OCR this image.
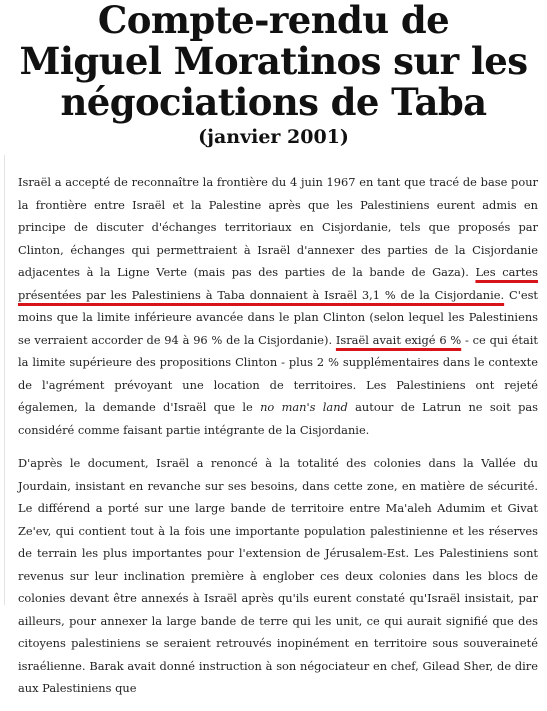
Compte-rendu de
Miguel Moratinos sur les
négociations de Taba
(janvier 2001)

Israël a accepté de reconnaître la frontière du 4 juin 1967 en tant que tracé de base pour la frontière entre Israël et la Palestine après que les Palestiniens eurent admis en principe de discuter d'échanges territoriaux en Cisjordanie, tels que proposés par Clinton, échanges qui permettraient à Israël d'annexer des parties de la Cisjordanie adjacentes à la Ligne Verte (mais pas des parties de la bande de Gaza). Les cartes présentées par les Palestiniens à Taba donnaient à Israël 3,1 % de la Cisjordanie. C'est moins que la limite inférieure avancée dans le plan Clinton (selon lequel les Palestiniens se verraient accorder de 94 à 96 % de la Cisjordanie). Israël avait exigé 6 % - ce qui était la limite supérieure des propositions Clinton - plus 2 % supplémentaires dans le contexte de l'agrément prévoyant une location de territoires. Les Palestiniens ont rejeté égalemen, la demande d'Israël que le no man's land autour de Latrun ne soit pas considéré comme faisant partie intégrante de la Cisjordanie.

D'après le document, Israël a renoncé à la totalité des colonies dans la Vallée du Jourdain, insistant en revanche sur ses besoins, dans cette zone, en matière de sécurité. Le différend a porté sur une large bande de territoire entre Ma'aleh Adumim et Givat Ze'ev, qui contient tout à la fois une importante population palestinienne et les réserves de terrain les plus importantes pour l'extension de Jérusalem-Est. Les Palestiniens sont revenus sur leur inclination première à englober ces deux colonies dans les blocs de colonies devant être annexés à Israël après qu'ils eurent constaté qu'Israël insistait, par ailleurs, pour annexer la large bande de terre qui les unit, ce qui aurait signifié que des citoyens palestiniens se seraient retrouvés inopinément en territoire sous souveraineté israélienne. Barak avait donné instruction à son négociateur en chef, Gilead Sher, de dire aux Palestiniens que
